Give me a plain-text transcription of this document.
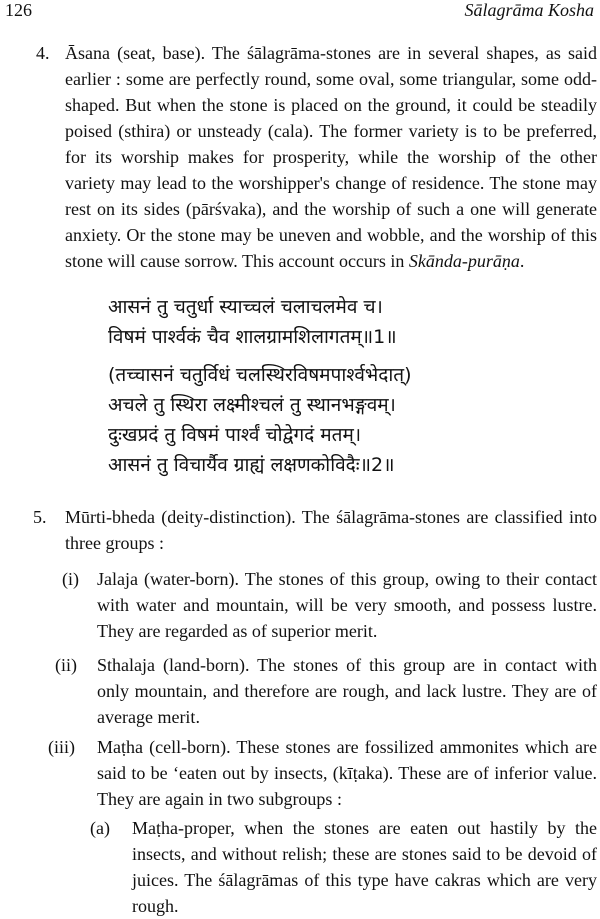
126	Sālagrāma Kosha
4. Āsana (seat, base). The śālagrāma-stones are in several shapes, as said earlier : some are perfectly round, some oval, some triangular, some odd-shaped. But when the stone is placed on the ground, it could be steadily poised (sthira) or unsteady (cala). The former variety is to be preferred, for its worship makes for prosperity, while the worship of the other variety may lead to the worshipper's change of residence. The stone may rest on its sides (pārśvaka), and the worship of such a one will generate anxiety. Or the stone may be uneven and wobble, and the worship of this stone will cause sorrow. This account occurs in Skānda-purāṇa.
आसनं तु चतुर्धा स्याच्चलं चलाचलमेव च।
विषमं पार्श्वकं चैव शालग्रामशिलागतम्॥1॥
(तच्चासनं चतुर्विधं चलस्थिरविषमपार्श्वभेदात्)
अचले तु स्थिरा लक्ष्मीश्चलं तु स्थानभङ्गवम्।
दुःखप्रदं तु विषमं पार्श्वं चोद्वेगदं मतम्।
आसनं तु विचार्यैव ग्राह्यं लक्षणकोविदैः॥2॥
5. Mūrti-bheda (deity-distinction). The śālagrāma-stones are classified into three groups :
(i) Jalaja (water-born). The stones of this group, owing to their contact with water and mountain, will be very smooth, and possess lustre. They are regarded as of superior merit.
(ii) Sthalaja (land-born). The stones of this group are in contact with only mountain, and therefore are rough, and lack lustre. They are of average merit.
(iii) Maṭha (cell-born). These stones are fossilized ammonites which are said to be ‘eaten out by insects, (kīṭaka). These are of inferior value. They are again in two subgroups :
(a) Maṭha-proper, when the stones are eaten out hastily by the insects, and without relish; these are stones said to be devoid of juices. The śālagrāmas of this type have cakras which are very rough.
